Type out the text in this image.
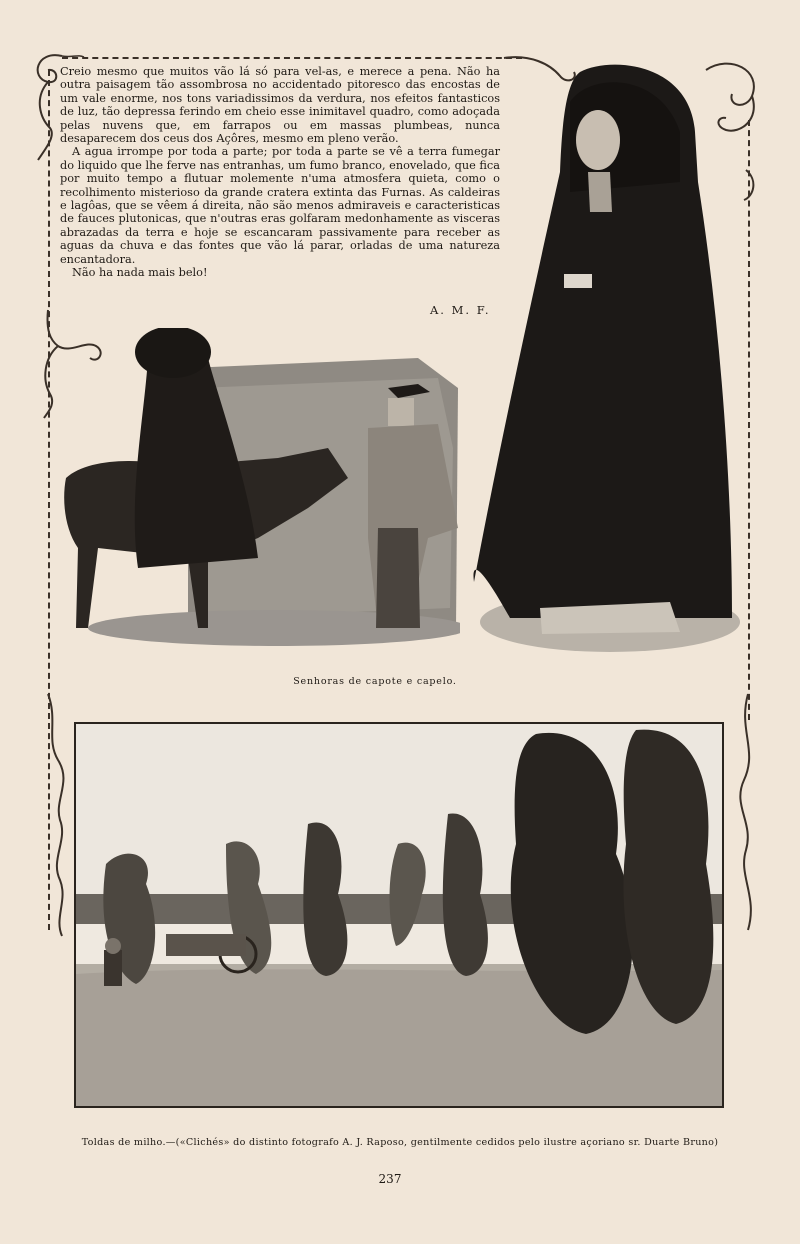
Creio mesmo que muitos vão lá só para vel-as, e merece a pena. Não ha outra paisagem tão assombrosa no accidentado pitoresco das encostas de um vale enorme, nos tons variadissimos da verdura, nos efeitos fantasticos de luz, tão depressa ferindo em cheio esse inimitavel quadro, como adoçada pelas nuvens que, em farrapos ou em massas plumbeas, nunca desaparecem dos ceus dos Açôres, mesmo em pleno verão.

A agua irrompe por toda a parte; por toda a parte se vê a terra fumegar do liquido que lhe ferve nas entranhas, um fumo branco, enovelado, que fica por muito tempo a flutuar molemente n'uma atmosfera quieta, como o recolhimento misterioso da grande cratera extinta das Furnas. As caldeiras e lagôas, que se vêem á direita, não são menos admiraveis e caracteristicas de fauces plutonicas, que n'outras eras golfaram medonhamente as visceras abrazadas da terra e hoje se escancaram passivamente para receber as aguas da chuva e das fontes que vão lá parar, orladas de uma natureza encantadora.

Não ha nada mais belo!

A. M. F.
Senhoras de capote e capelo.
Toldas de milho.—(«Clichés» do distinto fotografo A. J. Raposo, gentilmente cedidos pelo ilustre açoriano sr. Duarte Bruno)
237
